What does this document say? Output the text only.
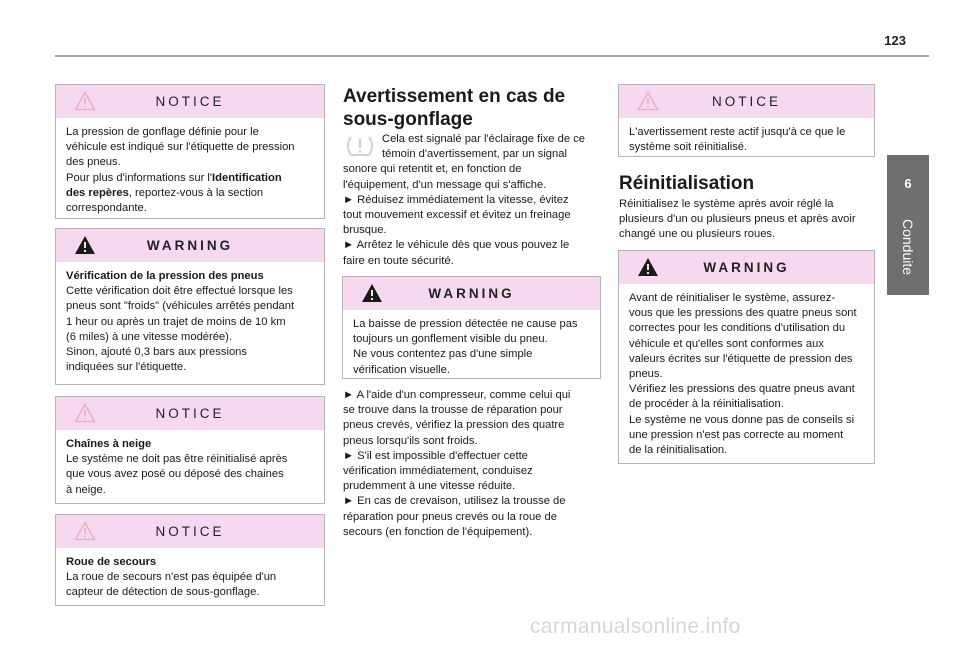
123
6
Conduite
NOTICE

La pression de gonflage définie pour le

véhicule est indiqué sur l'étiquette de pression

des pneus.

Pour plus d'informations sur l'Identification

des repères, reportez-vous à la section

correspondante.

WARNING

Vérification de la pression des pneus

Cette vérification doit être effectué lorsque les

pneus sont "froids" (véhicules arrêtés pendant

1 heur ou après un trajet de moins de 10 km

(6 miles) à une vitesse modérée).

Sinon, ajouté 0,3 bars aux pressions

indiquées sur l'étiquette.

NOTICE

Chaînes à neige

Le système ne doit pas être réinitialisé après

que vous avez posé ou déposé des chaines

à neige.

NOTICE

Roue de secours

La roue de secours n'est pas équipée d'un

capteur de détection de sous-gonflage.

Avertissement en cas de
sous-gonflage

Cela est signalé par l'éclairage fixe de ce

témoin d'avertissement, par un signal

sonore qui retentit et, en fonction de

l'équipement, d'un message qui s'affiche.

► Réduisez immédiatement la vitesse, évitez

tout mouvement excessif et évitez un freinage

brusque.

► Arrêtez le véhicule dès que vous pouvez le

faire en toute sécurité.

WARNING

La baisse de pression détectée ne cause pas

toujours un gonflement visible du pneu.

Ne vous contentez pas d'une simple

vérification visuelle.

► A l'aide d'un compresseur, comme celui qui

se trouve dans la trousse de réparation pour

pneus crevés, vérifiez la pression des quatre

pneus lorsqu'ils sont froids.

► S'il est impossible d'effectuer cette

vérification immédiatement, conduisez

prudemment à une vitesse réduite.

► En cas de crevaison, utilisez la trousse de

réparation pour pneus crevés ou la roue de

secours (en fonction de l'équipement).

NOTICE

L'avertissement reste actif jusqu'à ce que le

système soit réinitialisé.

Réinitialisation

Réinitialisez le système après avoir réglé la

plusieurs d'un ou plusieurs pneus et après avoir

changé une ou plusieurs roues.

WARNING

Avant de réinitialiser le système, assurez-

vous que les pressions des quatre pneus sont

correctes pour les conditions d'utilisation du

véhicule et qu'elles sont conformes aux

valeurs écrites sur l'étiquette de pression des

pneus.

Vérifiez les pressions des quatre pneus avant

de procéder à la réinitialisation.

Le système ne vous donne pas de conseils si

une pression n'est pas correcte au moment

de la réinitialisation.

carmanualsonline.info
